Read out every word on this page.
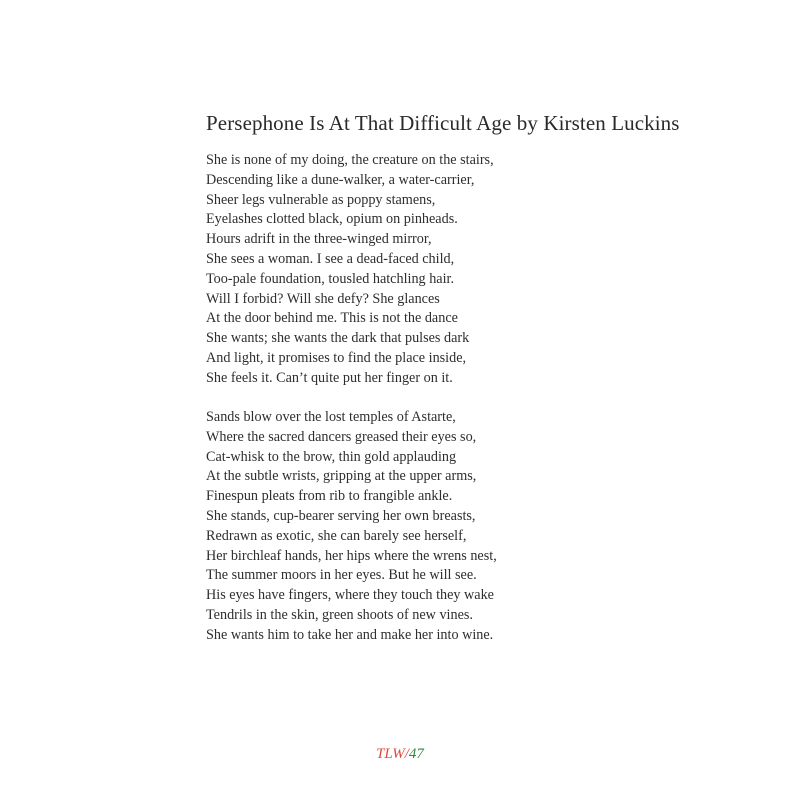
Persephone Is At That Difficult Age by Kirsten Luckins
She is none of my doing, the creature on the stairs,
Descending like a dune-walker, a water-carrier,
Sheer legs vulnerable as poppy stamens,
Eyelashes clotted black, opium on pinheads.
Hours adrift in the three-winged mirror,
She sees a woman. I see a dead-faced child,
Too-pale foundation, tousled hatchling hair.
Will I forbid? Will she defy? She glances
At the door behind me. This is not the dance
She wants; she wants the dark that pulses dark
And light, it promises to find the place inside,
She feels it. Can’t quite put her finger on it.
Sands blow over the lost temples of Astarte,
Where the sacred dancers greased their eyes so,
Cat-whisk to the brow, thin gold applauding
At the subtle wrists, gripping at the upper arms,
Finespun pleats from rib to frangible ankle.
She stands, cup-bearer serving her own breasts,
Redrawn as exotic, she can barely see herself,
Her birchleaf hands, her hips where the wrens nest,
The summer moors in her eyes. But he will see.
His eyes have fingers, where they touch they wake
Tendrils in the skin, green shoots of new vines.
She wants him to take her and make her into wine.
TLW/47
